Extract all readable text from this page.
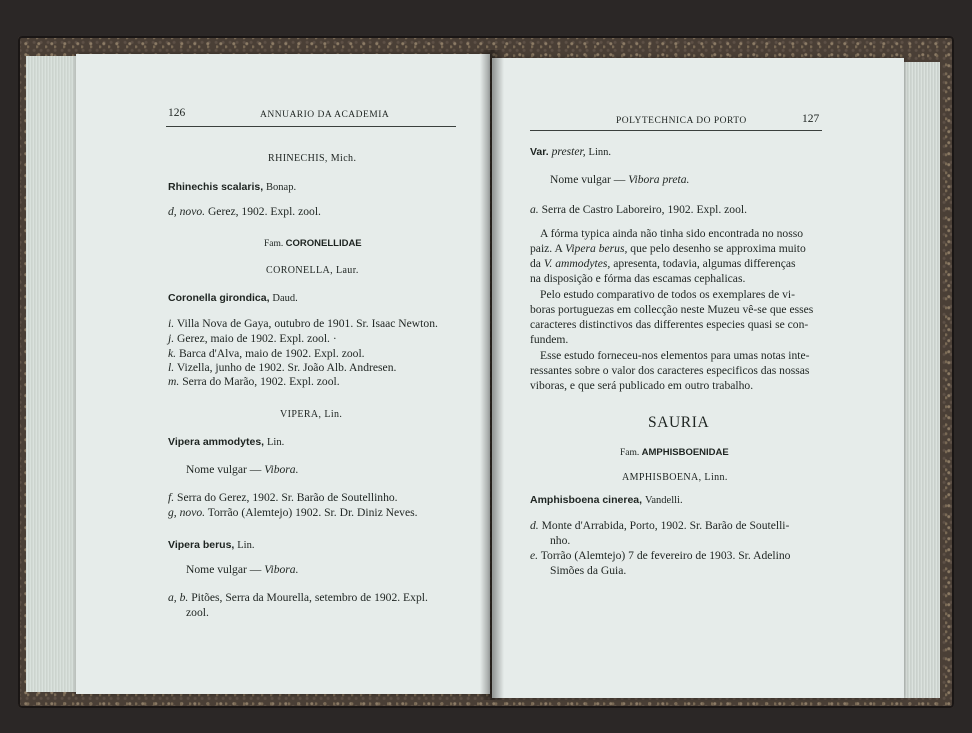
126	ANNUARIO DA ACADEMIA
RHINECHIS, Mich.
Rhinechis scalaris, Bonap.
d, novo. Gerez, 1902. Expl. zool.
Fam. CORONELLIDAE
CORONELLA, Laur.
Coronella girondica, Daud.
i. Villa Nova de Gaya, outubro de 1901. Sr. Isaac Newton.
j. Gerez, maio de 1902. Expl. zool. ·
k. Barca d'Alva, maio de 1902. Expl. zool.
l. Vizella, junho de 1902. Sr. João Alb. Andresen.
m. Serra do Marão, 1902. Expl. zool.
VIPERA, Lin.
Vipera ammodytes, Lin.
Nome vulgar — Vibora.
f. Serra do Gerez, 1902. Sr. Barão de Soutellinho.
g, novo. Torrão (Alemtejo) 1902. Sr. Dr. Diniz Neves.
Vipera berus, Lin.
Nome vulgar — Vibora.
a, b. Pitões, Serra da Mourella, setembro de 1902. Expl.
zool.
POLYTECHNICA DO PORTO	127
Var. prester, Linn.
Nome vulgar — Vibora preta.
a. Serra de Castro Laboreiro, 1902. Expl. zool.
A fórma typica ainda não tinha sido encontrada no nosso
paiz. A Vipera berus, que pelo desenho se approxima muito
da V. ammodytes, apresenta, todavia, algumas differenças
na disposição e fórma das escamas cephalicas.
Pelo estudo comparativo de todos os exemplares de vi-
boras portuguezas em collecção neste Muzeu vê-se que esses
caracteres distinctivos das differentes especies quasi se con-
fundem.
Esse estudo forneceu-nos elementos para umas notas inte-
ressantes sobre o valor dos caracteres especificos das nossas
viboras, e que será publicado em outro trabalho.
SAURIA
Fam. AMPHISBOENIDAE
AMPHISBOENA, Linn.
Amphisboena cinerea, Vandelli.
d. Monte d'Arrabida, Porto, 1902. Sr. Barão de Soutelli-
nho.
e. Torrão (Alemtejo) 7 de fevereiro de 1903. Sr. Adelino
Simões da Guia.
